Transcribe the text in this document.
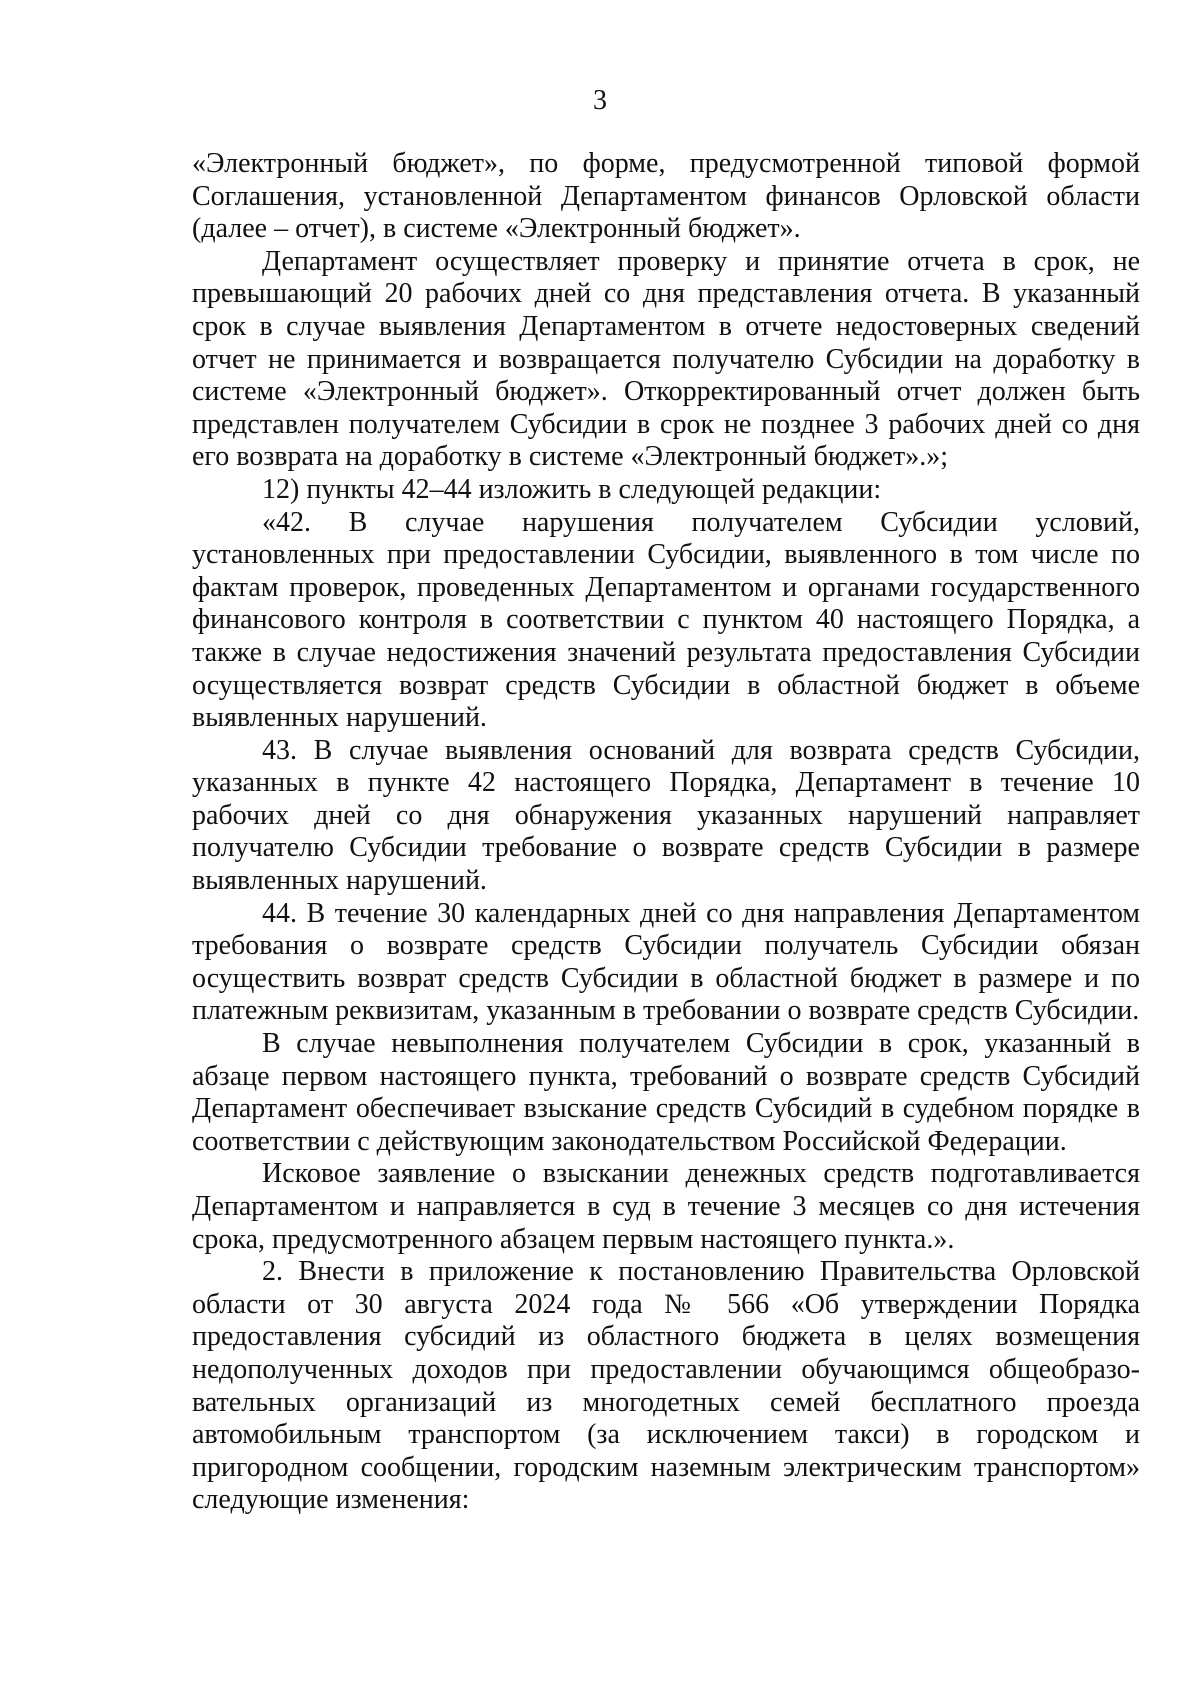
3

«Электронный бюджет», по форме, предусмотренной типовой формой Соглашения, установленной Департаментом финансов Орловской области (далее – отчет), в системе «Электронный бюджет».

Департамент осуществляет проверку и принятие отчета в срок, не превышающий 20 рабочих дней со дня представления отчета. В указанный срок в случае выявления Департаментом в отчете недостоверных сведений отчет не принимается и возвращается получателю Субсидии на доработку в системе «Электронный бюджет». Откорректированный отчет должен быть представлен получателем Субсидии в срок не позднее 3 рабочих дней со дня его возврата на доработку в системе «Электронный бюджет».»;

12) пункты 42–44 изложить в следующей редакции:

«42. В случае нарушения получателем Субсидии условий, установленных при предоставлении Субсидии, выявленного в том числе по фактам проверок, проведенных Департаментом и органами государственного финансового контроля в соответствии с пунктом 40 настоящего Порядка, а также в случае недостижения значений результата предоставления Субсидии осуществляется возврат средств Субсидии в областной бюджет в объеме выявленных нарушений.

43. В случае выявления оснований для возврата средств Субсидии, указанных в пункте 42 настоящего Порядка, Департамент в течение 10 рабочих дней со дня обнаружения указанных нарушений направляет получателю Субсидии требование о возврате средств Субсидии в размере выявленных нарушений.

44. В течение 30 календарных дней со дня направления Департаментом требования о возврате средств Субсидии получатель Субсидии обязан осуществить возврат средств Субсидии в областной бюджет в размере и по платежным реквизитам, указанным в требовании о возврате средств Субсидии.

В случае невыполнения получателем Субсидии в срок, указанный в абзаце первом настоящего пункта, требований о возврате средств Субсидий Департамент обеспечивает взыскание средств Субсидий в судебном порядке в соответствии с действующим законодательством Российской Федерации.

Исковое заявление о взыскании денежных средств подготавливается Департаментом и направляется в суд в течение 3 месяцев со дня истечения срока, предусмотренного абзацем первым настоящего пункта.».

2. Внести в приложение к постановлению Правительства Орловской области от 30 августа 2024 года № 566 «Об утверждении Порядка предоставления субсидий из областного бюджета в целях возмещения недополученных доходов при предоставлении обучающимся общеобразо-вательных организаций из многодетных семей бесплатного проезда автомобильным транспортом (за исключением такси) в городском и пригородном сообщении, городским наземным электрическим транспортом» следующие изменения:
